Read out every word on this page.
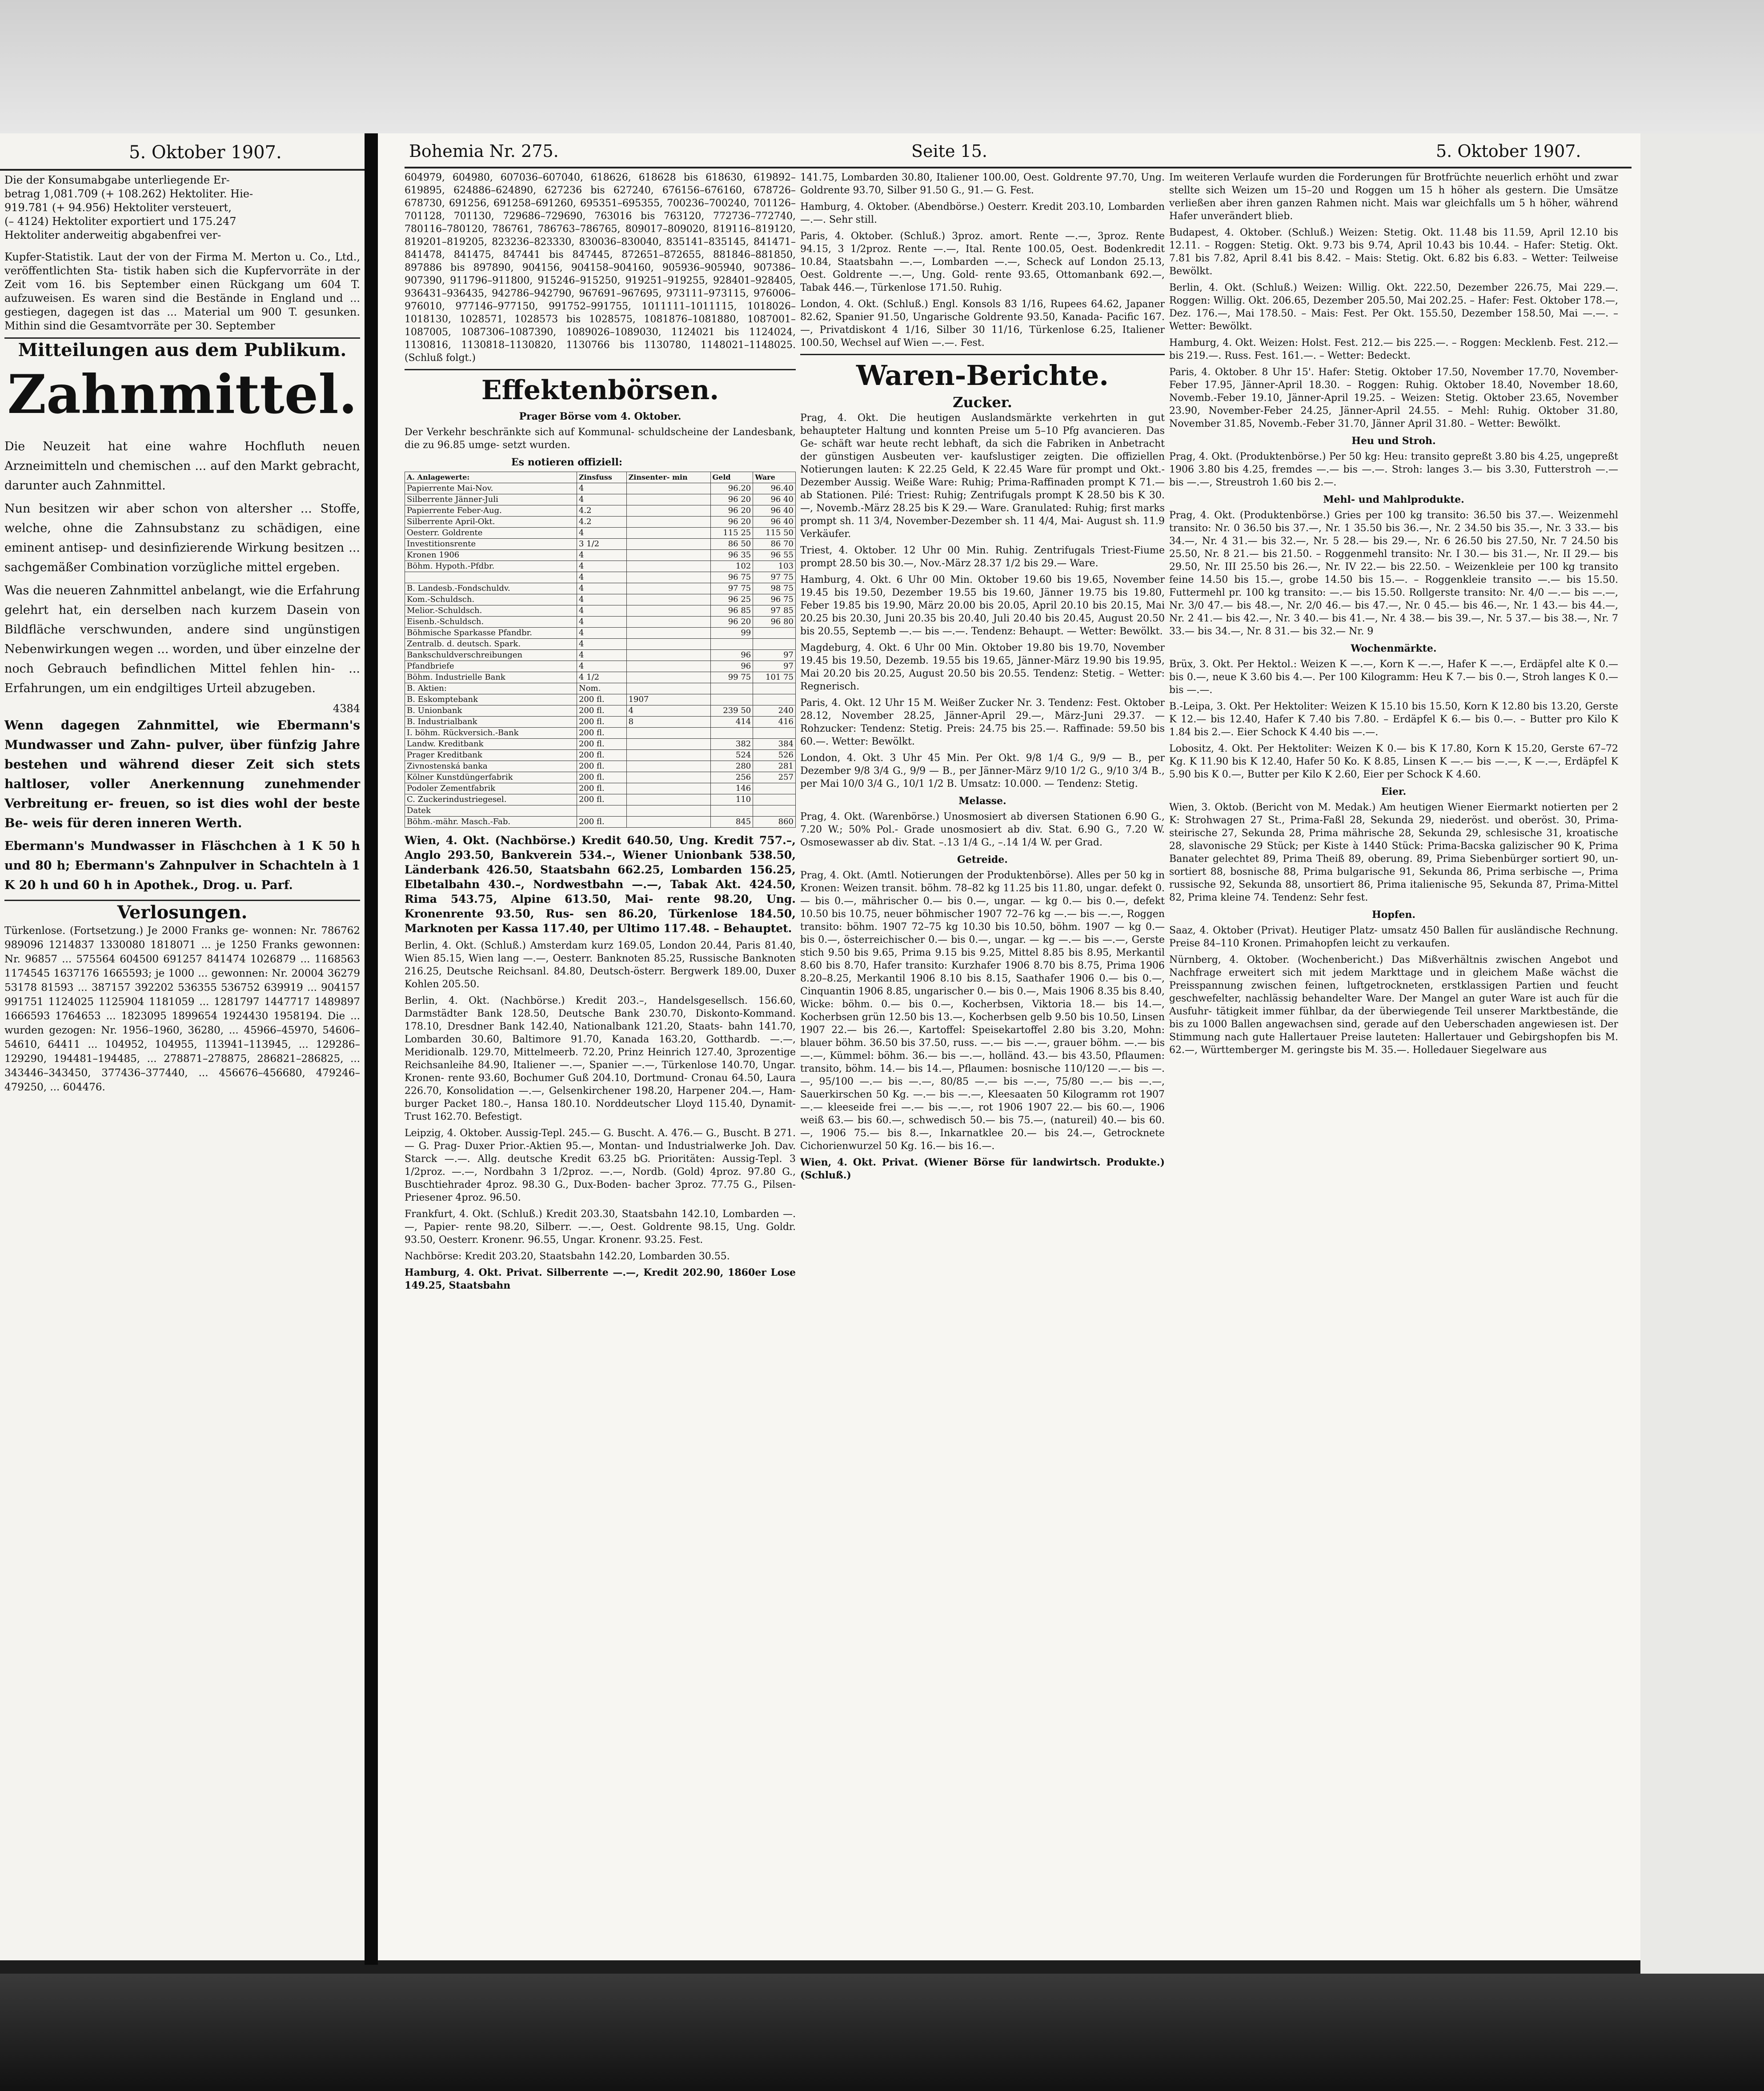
5. Oktober 1907.
Die der Konsumabgabe unterliegende Er-
betrag 1,081.709 (+ 108.262) Hektoliter. Hie-
919.781 (+ 94.956) Hektoliter versteuert,
(– 4124) Hektoliter exportiert und 175.247
Hektoliter anderweitig abgabenfrei ver-

Kupfer-Statistik. Laut der von der Firma M. Merton u. Co., Ltd., veröffentlichten Sta- tistik haben sich die Kupfervorräte in der Zeit vom 16. bis September einen Rückgang um 604 T. aufzuweisen. Es waren sind die Bestände in England und ... gestiegen, dagegen ist das ... Material um 900 T. gesunken. Mithin sind die Gesamtvorräte per 30. September

Mitteilungen aus dem Publikum.
Zahnmittel.

Die Neuzeit hat eine wahre Hochfluth neuen Arzneimitteln und chemischen ... auf den Markt gebracht, darunter auch Zahnmittel.

Nun besitzen wir aber schon von altersher ... Stoffe, welche, ohne die Zahnsubstanz zu schädigen, eine eminent antisep- und desinfizierende Wirkung besitzen ... sachgemäßer Combination vorzügliche mittel ergeben.

Was die neueren Zahnmittel anbelangt, wie die Erfahrung gelehrt hat, ein derselben nach kurzem Dasein von Bildfläche verschwunden, andere sind ungünstigen Nebenwirkungen wegen ... worden, und über einzelne der noch Gebrauch befindlichen Mittel fehlen hin- ... Erfahrungen, um ein endgiltiges Urteil abzugeben.

4384

Wenn dagegen Zahnmittel, wie Ebermann's Mundwasser und Zahn- pulver, über fünfzig Jahre bestehen und während dieser Zeit sich stets haltloser, voller Anerkennung zunehmender Verbreitung er- freuen, so ist dies wohl der beste Be- weis für deren inneren Werth.

Ebermann's Mundwasser in Fläschchen à 1 K 50 h und 80 h; Ebermann's Zahnpulver in Schachteln à 1 K 20 h und 60 h in Apothek., Drog. u. Parf.

Verlosungen.

Türkenlose. (Fortsetzung.) Je 2000 Franks ge- wonnen: Nr. 786762 989096 1214837 1330080 1818071 ... je 1250 Franks gewonnen: Nr. 96857 ... 575564 604500 691257 841474 1026879 ... 1168563 1174545 1637176 1665593; je 1000 ... gewonnen: Nr. 20004 36279 53178 81593 ... 387157 392202 536355 536752 639919 ... 904157 991751 1124025 1125904 1181059 ... 1281797 1447717 1489897 1666593 1764653 ... 1823095 1899654 1924430 1958194. Die ... wurden gezogen: Nr. 1956–1960, 36280, ... 45966–45970, 54606–54610, 64411 ... 104952, 104955, 113941–113945, ... 129286–129290, 194481–194485, ... 278871–278875, 286821–286825, ... 343446–343450, 377436–377440, ... 456676–456680, 479246–479250, ... 604476.

Bohemia Nr. 275.	Seite 15.	5. Oktober 1907.

604979, 604980, 607036–607040, 618626, 618628 bis 618630, 619892–619895, 624886–624890, 627236 bis 627240, 676156–676160, 678726–678730, 691256, 691258–691260, 695351–695355, 700236–700240, 701126–701128, 701130, 729686–729690, 763016 bis 763120, 772736–772740, 780116–780120, 786761, 786763–786765, 809017–809020, 819116–819120, 819201–819205, 823236–823330, 830036–830040, 835141–835145, 841471–841478, 841475, 847441 bis 847445, 872651–872655, 881846–881850, 897886 bis 897890, 904156, 904158–904160, 905936–905940, 907386–907390, 911796–911800, 915246–915250, 919251–919255, 928401–928405, 936431–936435, 942786–942790, 967691–967695, 973111–973115, 976006–976010, 977146–977150, 991752–991755, 1011111–1011115, 1018026–1018130, 1028571, 1028573 bis 1028575, 1081876–1081880, 1087001–1087005, 1087306–1087390, 1089026–1089030, 1124021 bis 1124024, 1130816, 1130818–1130820, 1130766 bis 1130780, 1148021–1148025. (Schluß folgt.)

Effektenbörsen.
Prager Börse vom 4. Oktober.

Der Verkehr beschränkte sich auf Kommunal- schuldscheine der Landesbank, die zu 96.85 umge- setzt wurden.

Es notieren offiziell:
A. Anlagewerte:	Zinsfuss	Zinsenter- min	Geld	Ware
Papierrente Mai-Nov.	4		96.20	96.40
Silberrente Jänner-Juli	4		96 20	96 40
Papierrente Feber-Aug.	4.2		96 20	96 40
Silberrente April-Okt.	4.2		96 20	96 40
Oesterr. Goldrente	4		115 25	115 50
Investitionsrente	3 1/2		86 50	86 70
Kronen 1906	4		96 35	96 55
Böhm. Hypoth.-Pfdbr.	4		102	103
	4		96 75	97 75
B. Landesb.-Fondschuldv.	4		97 75	98 75
Kom.-Schuldsch.	4		96 25	96 75
Melior.-Schuldsch.	4		96 85	97 85
Eisenb.-Schuldsch.	4		96 20	96 80
Böhmische Sparkasse Pfandbr.	4		99	
Zentralb. d. deutsch. Spark.	4			
Bankschuldverschreibungen	4		96	97
Pfandbriefe	4		96	97
Böhm. Industrielle Bank	4 1/2		99 75	101 75
B. Aktien:	Nom.			
B. Eskomptebank	200 fl.	1907		
B. Unionbank	200 fl.	4	239 50	240
B. Industrialbank	200 fl.	8	414	416
I. böhm. Rückversich.-Bank	200 fl.			
Landw. Kreditbank	200 fl.		382	384
Prager Kreditbank	200 fl.		524	526
Zivnostenská banka	200 fl.		280	281
Kölner Kunstdüngerfabrik	200 fl.		256	257
Podoler Zementfabrik	200 fl.		146	
C. Zuckerindustriegesel.	200 fl.		110	
Datek				
Böhm.-mähr. Masch.-Fab.	200 fl.		845	860

Wien, 4. Okt. (Nachbörse.) Kredit 640.50, Ung. Kredit 757.–, Anglo 293.50, Bankverein 534.–, Wiener Unionbank 538.50, Länderbank 426.50, Staatsbahn 662.25, Lombarden 156.25, Elbetalbahn 430.–, Nordwestbahn —.—, Tabak Akt. 424.50, Rima 543.75, Alpine 613.50, Mai- rente 98.20, Ung. Kronenrente 93.50, Rus- sen 86.20, Türkenlose 184.50, Marknoten per Kassa 117.40, per Ultimo 117.48. – Behauptet.

Berlin, 4. Okt. (Schluß.) Amsterdam kurz 169.05, London 20.44, Paris 81.40, Wien 85.15, Wien lang —.—, Oesterr. Banknoten 85.25, Russische Banknoten 216.25, Deutsche Reichsanl. 84.80, Deutsch-österr. Bergwerk 189.00, Duxer Kohlen 205.50.

Berlin, 4. Okt. (Nachbörse.) Kredit 203.–, Handelsgesellsch. 156.60, Darmstädter Bank 128.50, Deutsche Bank 230.70, Diskonto-Kommand. 178.10, Dresdner Bank 142.40, Nationalbank 121.20, Staats- bahn 141.70, Lombarden 30.60, Baltimore 91.70, Kanada 163.20, Gotthardb. —.—, Meridionalb. 129.70, Mittelmeerb. 72.20, Prinz Heinrich 127.40, 3prozentige Reichsanleihe 84.90, Italiener —.—, Spanier —.—, Türkenlose 140.70, Ungar. Kronen- rente 93.60, Bochumer Guß 204.10, Dortmund- Cronau 64.50, Laura 226.70, Konsolidation —.—, Gelsenkirchener 198.20, Harpener 204.—, Ham- burger Packet 180.–, Hansa 180.10. Norddeutscher Lloyd 115.40, Dynamit-Trust 162.70. Befestigt.

Leipzig, 4. Oktober. Aussig-Tepl. 245.— G. Buscht. A. 476.— G., Buscht. B 271.— G. Prag- Duxer Prior.-Aktien 95.—, Montan- und Industrialwerke Joh. Dav. Starck —.—. Allg. deutsche Kredit 63.25 bG. Prioritäten: Aussig-Tepl. 3 1/2proz. —.—, Nordbahn 3 1/2proz. —.—, Nordb. (Gold) 4proz. 97.80 G., Buschtiehrader 4proz. 98.30 G., Dux-Boden- bacher 3proz. 77.75 G., Pilsen-Priesener 4proz. 96.50.

Frankfurt, 4. Okt. (Schluß.) Kredit 203.30, Staatsbahn 142.10, Lombarden —.—, Papier- rente 98.20, Silberr. —.—, Oest. Goldrente 98.15, Ung. Goldr. 93.50, Oesterr. Kronenr. 96.55, Ungar. Kronenr. 93.25. Fest.

Nachbörse: Kredit 203.20, Staatsbahn 142.20, Lombarden 30.55.

Hamburg, 4. Okt. Privat. Silberrente —.—, Kredit 202.90, 1860er Lose 149.25, Staatsbahn

141.75, Lombarden 30.80, Italiener 100.00, Oest. Goldrente 97.70, Ung. Goldrente 93.70, Silber 91.50 G., 91.— G. Fest.

Hamburg, 4. Oktober. (Abendbörse.) Oesterr. Kredit 203.10, Lombarden —.—. Sehr still.

Paris, 4. Oktober. (Schluß.) 3proz. amort. Rente —.—, 3proz. Rente 94.15, 3 1/2proz. Rente —.—, Ital. Rente 100.05, Oest. Bodenkredit 10.84, Staatsbahn —.—, Lombarden —.—, Scheck auf London 25.13, Oest. Goldrente —.—, Ung. Gold- rente 93.65, Ottomanbank 692.—, Tabak 446.—, Türkenlose 171.50. Ruhig.

London, 4. Okt. (Schluß.) Engl. Konsols 83 1/16, Rupees 64.62, Japaner 82.62, Spanier 91.50, Ungarische Goldrente 93.50, Kanada- Pacific 167.—, Privatdiskont 4 1/16, Silber 30 11/16, Türkenlose 6.25, Italiener 100.50, Wechsel auf Wien —.—. Fest.

Waren-Berichte.
Zucker.

Prag, 4. Okt. Die heutigen Auslandsmärkte verkehrten in gut behaupteter Haltung und konnten Preise um 5–10 Pfg avancieren. Das Ge- schäft war heute recht lebhaft, da sich die Fabriken in Anbetracht der günstigen Ausbeuten ver- kaufslustiger zeigten. Die offiziellen Notierungen lauten: K 22.25 Geld, K 22.45 Ware für prompt und Okt.-Dezember Aussig. Weiße Ware: Ruhig; Prima-Raffinaden prompt K 71.— ab Stationen. Pilé: Triest: Ruhig; Zentrifugals prompt K 28.50 bis K 30.—, Novemb.-März 28.25 bis K 29.— Ware. Granulated: Ruhig; first marks prompt sh. 11 3/4, November-Dezember sh. 11 4/4, Mai- August sh. 11.9 Verkäufer.

Triest, 4. Oktober. 12 Uhr 00 Min. Ruhig. Zentrifugals Triest-Fiume prompt 28.50 bis 30.—, Nov.-März 28.37 1/2 bis 29.— Ware.

Hamburg, 4. Okt. 6 Uhr 00 Min. Oktober 19.60 bis 19.65, November 19.45 bis 19.50, Dezember 19.55 bis 19.60, Jänner 19.75 bis 19.80, Feber 19.85 bis 19.90, März 20.00 bis 20.05, April 20.10 bis 20.15, Mai 20.25 bis 20.30, Juni 20.35 bis 20.40, Juli 20.40 bis 20.45, August 20.50 bis 20.55, Septemb —.— bis —.—. Tendenz: Behaupt. — Wetter: Bewölkt.

Magdeburg, 4. Okt. 6 Uhr 00 Min. Oktober 19.80 bis 19.70, November 19.45 bis 19.50, Dezemb. 19.55 bis 19.65, Jänner-März 19.90 bis 19.95, Mai 20.20 bis 20.25, August 20.50 bis 20.55. Tendenz: Stetig. – Wetter: Regnerisch.

Paris, 4. Okt. 12 Uhr 15 M. Weißer Zucker Nr. 3. Tendenz: Fest. Oktober 28.12, November 28.25, Jänner-April 29.—, März-Juni 29.37. — Rohzucker: Tendenz: Stetig. Preis: 24.75 bis 25.—. Raffinade: 59.50 bis 60.—. Wetter: Bewölkt.

London, 4. Okt. 3 Uhr 45 Min. Per Okt. 9/8 1/4 G., 9/9 — B., per Dezember 9/8 3/4 G., 9/9 — B., per Jänner-März 9/10 1/2 G., 9/10 3/4 B., per Mai 10/0 3/4 G., 10/1 1/2 B. Umsatz: 10.000. — Tendenz: Stetig.

Melasse.

Prag, 4. Okt. (Warenbörse.) Unosmosiert ab diversen Stationen 6.90 G., 7.20 W.; 50% Pol.- Grade unosmosiert ab div. Stat. 6.90 G., 7.20 W. Osmosewasser ab div. Stat. –.13 1/4 G., –.14 1/4 W. per Grad.

Getreide.

Prag, 4. Okt. (Amtl. Notierungen der Produktenbörse). Alles per 50 kg in Kronen: Weizen transit. böhm. 78–82 kg 11.25 bis 11.80, ungar. defekt 0.— bis 0.—, mährischer 0.— bis 0.—, ungar. — kg 0.— bis 0.—, defekt 10.50 bis 10.75, neuer böhmischer 1907 72–76 kg —.— bis —.—, Roggen transito: böhm. 1907 72–75 kg 10.30 bis 10.50, böhm. 1907 — kg 0.— bis 0.—, österreichischer 0.— bis 0.—, ungar. — kg —.— bis —.—, Gerste stich 9.50 bis 9.65, Prima 9.15 bis 9.25, Mittel 8.85 bis 8.95, Merkantil 8.60 bis 8.70, Hafer transito: Kurzhafer 1906 8.70 bis 8.75, Prima 1906 8.20–8.25, Merkantil 1906 8.10 bis 8.15, Saathafer 1906 0.— bis 0.—, Cinquantin 1906 8.85, ungarischer 0.— bis 0.—, Mais 1906 8.35 bis 8.40, Wicke: böhm. 0.— bis 0.—, Kocherbsen, Viktoria 18.— bis 14.—, Kocherbsen grün 12.50 bis 13.—, Kocherbsen gelb 9.50 bis 10.50, Linsen 1907 22.— bis 26.—, Kartoffel: Speisekartoffel 2.80 bis 3.20, Mohn: blauer böhm. 36.50 bis 37.50, russ. —.— bis —.—, grauer böhm. —.— bis —.—, Kümmel: böhm. 36.— bis —.—, holländ. 43.— bis 43.50, Pflaumen: transito, böhm. 14.— bis 14.—, Pflaumen: bosnische 110/120 —.— bis —.—, 95/100 —.— bis —.—, 80/85 —.— bis —.—, 75/80 —.— bis —.—, Sauerkirschen 50 Kg. —.— bis —.—, Kleesaaten 50 Kilogramm rot 1907 —.— kleeseide frei —.— bis —.—, rot 1906 1907 22.— bis 60.—, 1906 weiß 63.— bis 60.—, schwedisch 50.— bis 75.—, (natureil) 40.— bis 60.—, 1906 75.— bis 8.—, Inkarnatklee 20.— bis 24.—, Getrocknete Cichorienwurzel 50 Kg. 16.— bis 16.—.

Wien, 4. Okt. Privat. (Wiener Börse für landwirtsch. Produkte.) (Schluß.)

Im weiteren Verlaufe wurden die Forderungen für Brotfrüchte neuerlich erhöht und zwar stellte sich Weizen um 15–20 und Roggen um 15 h höher als gestern. Die Umsätze verließen aber ihren ganzen Rahmen nicht. Mais war gleichfalls um 5 h höher, während Hafer unverändert blieb.

Budapest, 4. Oktober. (Schluß.) Weizen: Stetig. Okt. 11.48 bis 11.59, April 12.10 bis 12.11. – Roggen: Stetig. Okt. 9.73 bis 9.74, April 10.43 bis 10.44. – Hafer: Stetig. Okt. 7.81 bis 7.82, April 8.41 bis 8.42. – Mais: Stetig. Okt. 6.82 bis 6.83. – Wetter: Teilweise Bewölkt.

Berlin, 4. Okt. (Schluß.) Weizen: Willig. Okt. 222.50, Dezember 226.75, Mai 229.—. Roggen: Willig. Okt. 206.65, Dezember 205.50, Mai 202.25. – Hafer: Fest. Oktober 178.—, Dez. 176.—, Mai 178.50. – Mais: Fest. Per Okt. 155.50, Dezember 158.50, Mai —.—. – Wetter: Bewölkt.

Hamburg, 4. Okt. Weizen: Holst. Fest. 212.— bis 225.—. – Roggen: Mecklenb. Fest. 212.— bis 219.—. Russ. Fest. 161.—. – Wetter: Bedeckt.

Paris, 4. Oktober. 8 Uhr 15'. Hafer: Stetig. Oktober 17.50, November 17.70, November-Feber 17.95, Jänner-April 18.30. – Roggen: Ruhig. Oktober 18.40, November 18.60, Novemb.-Feber 19.10, Jänner-April 19.25. – Weizen: Stetig. Oktober 23.65, November 23.90, November-Feber 24.25, Jänner-April 24.55. – Mehl: Ruhig. Oktober 31.80, November 31.85, Novemb.-Feber 31.70, Jänner April 31.80. – Wetter: Bewölkt.

Heu und Stroh.

Prag, 4. Okt. (Produktenbörse.) Per 50 kg: Heu: transito gepreßt 3.80 bis 4.25, ungepreßt 1906 3.80 bis 4.25, fremdes —.— bis —.—. Stroh: langes 3.— bis 3.30, Futterstroh —.— bis —.—, Streustroh 1.60 bis 2.—.

Mehl- und Mahlprodukte.

Prag, 4. Okt. (Produktenbörse.) Gries per 100 kg transito: 36.50 bis 37.—. Weizenmehl transito: Nr. 0 36.50 bis 37.—, Nr. 1 35.50 bis 36.—, Nr. 2 34.50 bis 35.—, Nr. 3 33.— bis 34.—, Nr. 4 31.— bis 32.—, Nr. 5 28.— bis 29.—, Nr. 6 26.50 bis 27.50, Nr. 7 24.50 bis 25.50, Nr. 8 21.— bis 21.50. – Roggenmehl transito: Nr. I 30.— bis 31.—, Nr. II 29.— bis 29.50, Nr. III 25.50 bis 26.—, Nr. IV 22.— bis 22.50. – Weizenkleie per 100 kg transito feine 14.50 bis 15.—, grobe 14.50 bis 15.—. – Roggenkleie transito —.— bis 15.50. Futtermehl pr. 100 kg transito: —.— bis 15.50. Rollgerste transito: Nr. 4/0 —.— bis —.—, Nr. 3/0 47.— bis 48.—, Nr. 2/0 46.— bis 47.—, Nr. 0 45.— bis 46.—, Nr. 1 43.— bis 44.—, Nr. 2 41.— bis 42.—, Nr. 3 40.— bis 41.—, Nr. 4 38.— bis 39.—, Nr. 5 37.— bis 38.—, Nr. 7 33.— bis 34.—, Nr. 8 31.— bis 32.— Nr. 9

Wochenmärkte.

Brüx, 3. Okt. Per Hektol.: Weizen K —.—, Korn K —.—, Hafer K —.—, Erdäpfel alte K 0.— bis 0.—, neue K 3.60 bis 4.—. Per 100 Kilogramm: Heu K 7.— bis 0.—, Stroh langes K 0.— bis —.—.

B.-Leipa, 3. Okt. Per Hektoliter: Weizen K 15.10 bis 15.50, Korn K 12.80 bis 13.20, Gerste K 12.— bis 12.40, Hafer K 7.40 bis 7.80. – Erdäpfel K 6.— bis 0.—. – Butter pro Kilo K 1.84 bis 2.—. Eier Schock K 4.40 bis —.—.

Lobositz, 4. Okt. Per Hektoliter: Weizen K 0.— bis K 17.80, Korn K 15.20, Gerste 67–72 Kg. K 11.90 bis K 12.40, Hafer 50 Ko. K 8.85, Linsen K —.— bis —.—, K —.—, Erdäpfel K 5.90 bis K 0.—, Butter per Kilo K 2.60, Eier per Schock K 4.60.

Eier.

Wien, 3. Oktob. (Bericht von M. Medak.) Am heutigen Wiener Eiermarkt notierten per 2 K: Strohwagen 27 St., Prima-Faßl 28, Sekunda 29, niederöst. und oberöst. 30, Prima-steirische 27, Sekunda 28, Prima mährische 28, Sekunda 29, schlesische 31, kroatische 28, slavonische 29 Stück; per Kiste à 1440 Stück: Prima-Bacska galizischer 90 K, Prima Banater gelechtet 89, Prima Theiß 89, oberung. 89, Prima Siebenbürger sortiert 90, un- sortiert 88, bosnische 88, Prima bulgarische 91, Sekunda 86, Prima serbische —, Prima russische 92, Sekunda 88, unsortiert 86, Prima italienische 95, Sekunda 87, Prima-Mittel 82, Prima kleine 74. Tendenz: Sehr fest.

Hopfen.

Saaz, 4. Oktober (Privat). Heutiger Platz- umsatz 450 Ballen für ausländische Rechnung. Preise 84–110 Kronen. Primahopfen leicht zu verkaufen.

Nürnberg, 4. Oktober. (Wochenbericht.) Das Mißverhältnis zwischen Angebot und Nachfrage erweitert sich mit jedem Markttage und in gleichem Maße wächst die Preisspannung zwischen feinen, luftgetrockneten, erstklassigen Partien und feucht geschwefelter, nachlässig behandelter Ware. Der Mangel an guter Ware ist auch für die Ausfuhr- tätigkeit immer fühlbar, da der überwiegende Teil unserer Marktbestände, die bis zu 1000 Ballen angewachsen sind, gerade auf den Ueberschaden angewiesen ist. Der Stimmung nach gute Hallertauer Preise lauteten: Hallertauer und Gebirgshopfen bis M. 62.—, Württemberger M. geringste bis M. 35.—. Holledauer Siegelware aus
